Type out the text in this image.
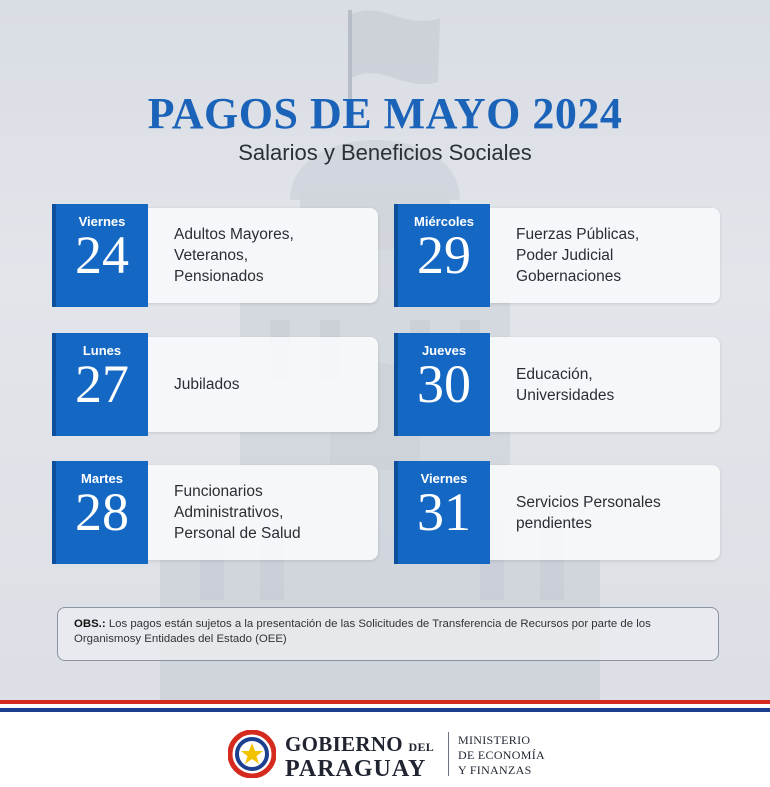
PAGOS DE MAYO 2024
Salarios y Beneficios Sociales
Viernes
24	Adultos Mayores,
Veteranos,
Pensionados
Miércoles
29	Fuerzas Públicas,
Poder Judicial
Gobernaciones
Lunes
27	Jubilados
Jueves
30	Educación,
Universidades
Martes
28	Funcionarios
Administrativos,
Personal de Salud
Viernes
31	Servicios Personales
pendientes
OBS.: Los pagos están sujetos a la presentación de las Solicitudes de Transferencia de Recursos por parte de los Organismosy Entidades del Estado (OEE)
GOBIERNO DEL
PARAGUAY
MINISTERIO
DE ECONOMÍA
Y FINANZAS
